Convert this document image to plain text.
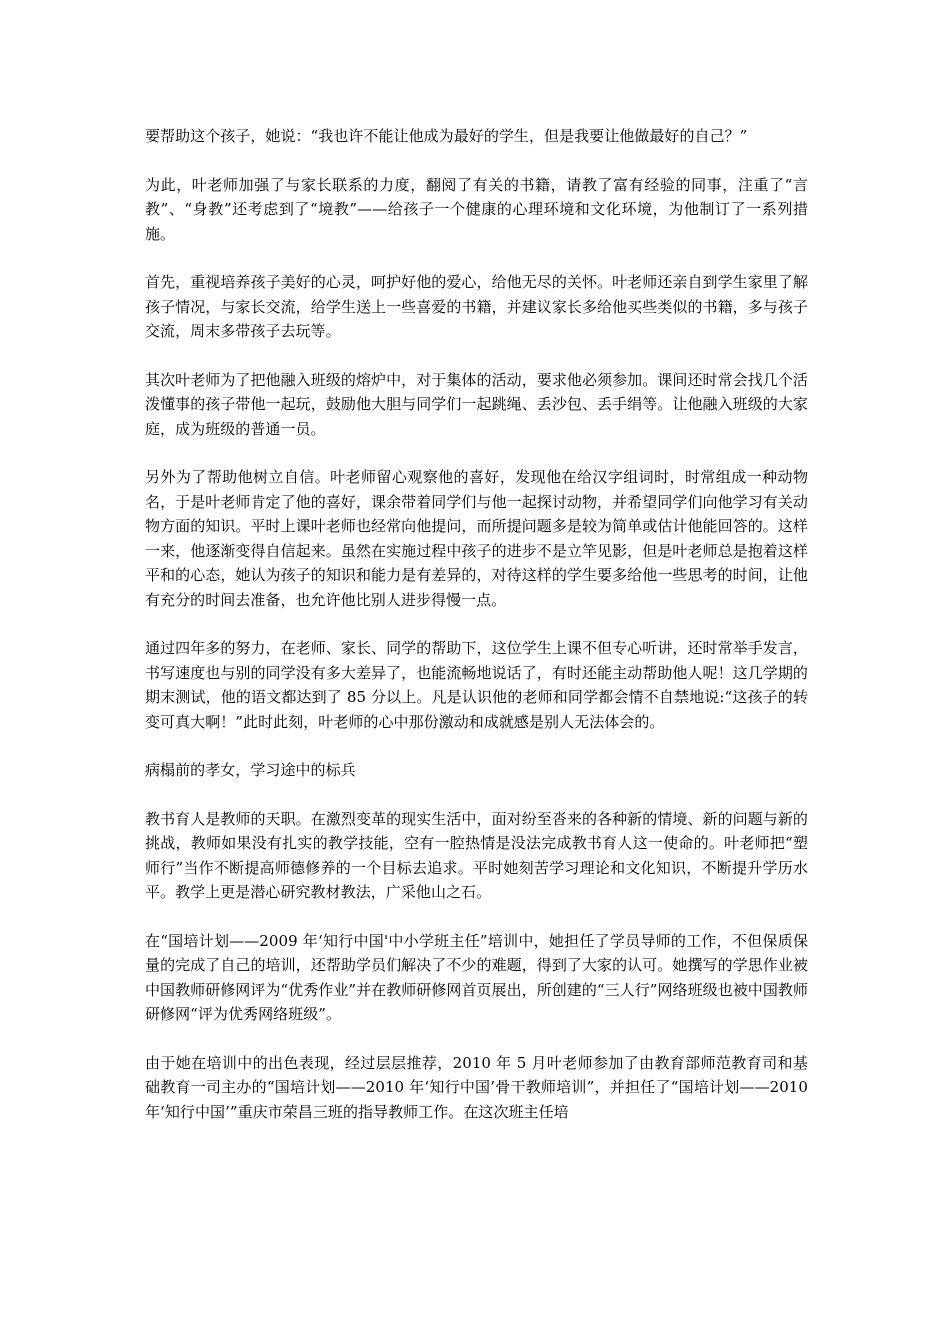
要帮助这个孩子，她说：“我也许不能让他成为最好的学生，但是我要让他做最好的自己？”

为此，叶老师加强了与家长联系的力度，翻阅了有关的书籍，请教了富有经验的同事，注重了“言教”、“身教”还考虑到了“境教”——给孩子一个健康的心理环境和文化环境，为他制订了一系列措施。

首先，重视培养孩子美好的心灵，呵护好他的爱心，给他无尽的关怀。叶老师还亲自到学生家里了解孩子情况，与家长交流，给学生送上一些喜爱的书籍，并建议家长多给他买些类似的书籍，多与孩子交流，周末多带孩子去玩等。

其次叶老师为了把他融入班级的熔炉中，对于集体的活动，要求他必须参加。课间还时常会找几个活泼懂事的孩子带他一起玩，鼓励他大胆与同学们一起跳绳、丢沙包、丢手绢等。让他融入班级的大家庭，成为班级的普通一员。

另外为了帮助他树立自信。叶老师留心观察他的喜好，发现他在给汉字组词时，时常组成一种动物名，于是叶老师肯定了他的喜好，课余带着同学们与他一起探讨动物，并希望同学们向他学习有关动物方面的知识。平时上课叶老师也经常向他提问，而所提问题多是较为简单或估计他能回答的。这样一来，他逐渐变得自信起来。虽然在实施过程中孩子的进步不是立竿见影，但是叶老师总是抱着这样平和的心态，她认为孩子的知识和能力是有差异的，对待这样的学生要多给他一些思考的时间，让他有充分的时间去准备，也允许他比别人进步得慢一点。

通过四年多的努力，在老师、家长、同学的帮助下，这位学生上课不但专心听讲，还时常举手发言，书写速度也与别的同学没有多大差异了，也能流畅地说话了，有时还能主动帮助他人呢！这几学期的期末测试，他的语文都达到了 85 分以上。凡是认识他的老师和同学都会情不自禁地说:“这孩子的转变可真大啊！”此时此刻，叶老师的心中那份激动和成就感是别人无法体会的。

病榻前的孝女，学习途中的标兵

教书育人是教师的天职。在激烈变革的现实生活中，面对纷至沓来的各种新的情境、新的问题与新的挑战，教师如果没有扎实的教学技能，空有一腔热情是没法完成教书育人这一使命的。叶老师把“塑师行”当作不断提高师德修养的一个目标去追求。平时她刻苦学习理论和文化知识，不断提升学历水平。教学上更是潜心研究教材教法，广采他山之石。

在“国培计划——2009 年‘知行中国'中小学班主任”培训中，她担任了学员导师的工作，不但保质保量的完成了自己的培训，还帮助学员们解决了不少的难题，得到了大家的认可。她撰写的学思作业被中国教师研修网评为“优秀作业”并在教师研修网首页展出，所创建的“三人行”网络班级也被中国教师研修网“评为优秀网络班级”。

由于她在培训中的出色表现，经过层层推荐，2010 年 5 月叶老师参加了由教育部师范教育司和基础教育一司主办的“国培计划——2010 年‘知行中国’骨干教师培训”，并担任了“国培计划——2010 年‘知行中国’”重庆市荣昌三班的指导教师工作。在这次班主任培
